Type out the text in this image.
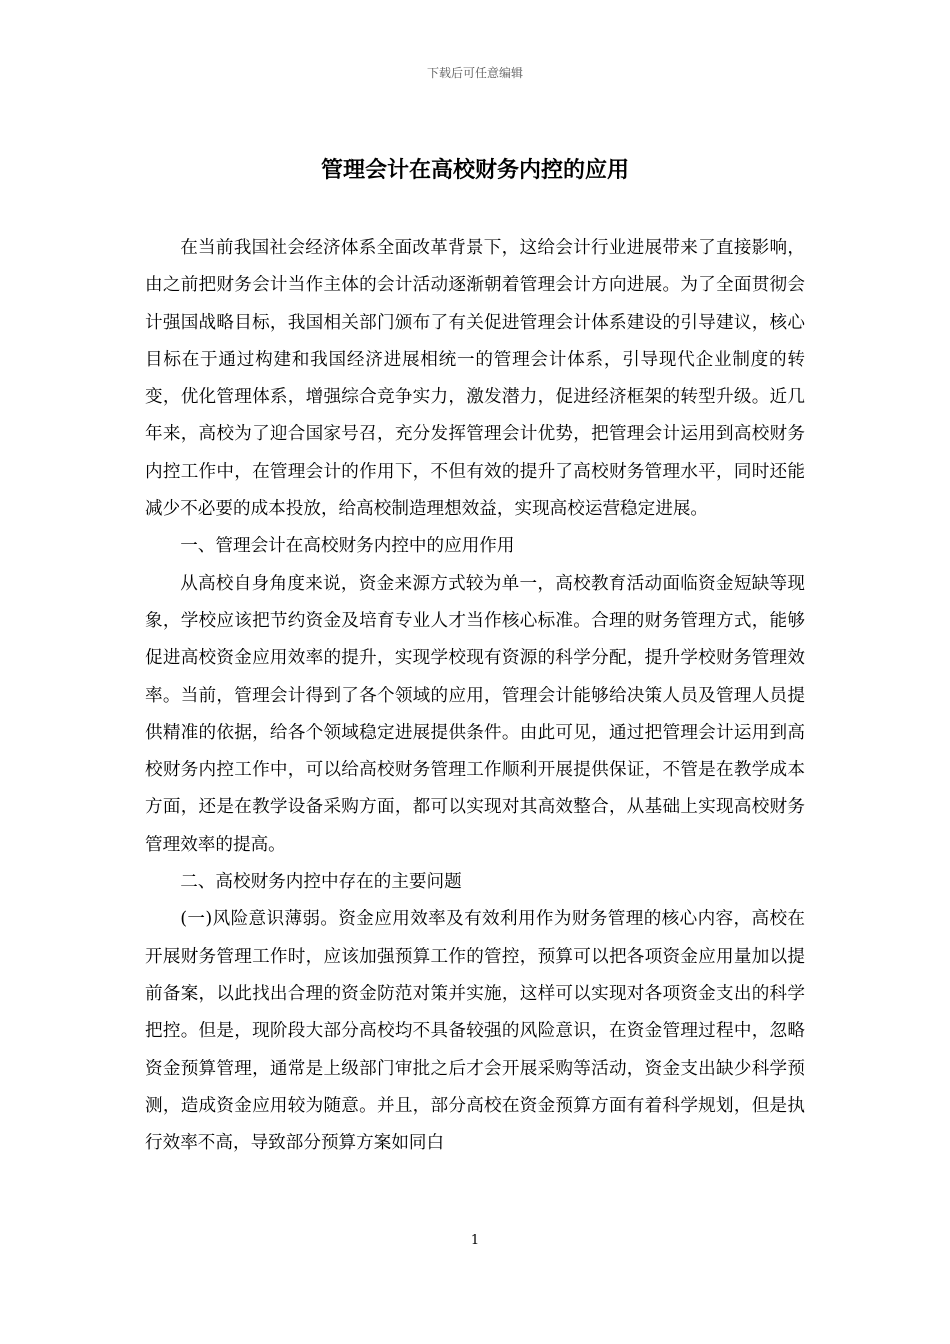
下载后可任意编辑
管理会计在高校财务内控的应用

在当前我国社会经济体系全面改革背景下，这给会计行业进展带来了直接影响，由之前把财务会计当作主体的会计活动逐渐朝着管理会计方向进展。为了全面贯彻会计强国战略目标，我国相关部门颁布了有关促进管理会计体系建设的引导建议，核心目标在于通过构建和我国经济进展相统一的管理会计体系，引导现代企业制度的转变，优化管理体系，增强综合竞争实力，激发潜力，促进经济框架的转型升级。近几年来，高校为了迎合国家号召，充分发挥管理会计优势，把管理会计运用到高校财务内控工作中，在管理会计的作用下，不但有效的提升了高校财务管理水平，同时还能减少不必要的成本投放，给高校制造理想效益，实现高校运营稳定进展。

一、管理会计在高校财务内控中的应用作用

从高校自身角度来说，资金来源方式较为单一，高校教育活动面临资金短缺等现象，学校应该把节约资金及培育专业人才当作核心标准。合理的财务管理方式，能够促进高校资金应用效率的提升，实现学校现有资源的科学分配，提升学校财务管理效率。当前，管理会计得到了各个领域的应用，管理会计能够给决策人员及管理人员提供精准的依据，给各个领域稳定进展提供条件。由此可见，通过把管理会计运用到高校财务内控工作中，可以给高校财务管理工作顺利开展提供保证，不管是在教学成本方面，还是在教学设备采购方面，都可以实现对其高效整合，从基础上实现高校财务管理效率的提高。

二、高校财务内控中存在的主要问题

(一)风险意识薄弱。资金应用效率及有效利用作为财务管理的核心内容，高校在开展财务管理工作时，应该加强预算工作的管控，预算可以把各项资金应用量加以提前备案，以此找出合理的资金防范对策并实施，这样可以实现对各项资金支出的科学把控。但是，现阶段大部分高校均不具备较强的风险意识，在资金管理过程中，忽略资金预算管理，通常是上级部门审批之后才会开展采购等活动，资金支出缺少科学预测，造成资金应用较为随意。并且，部分高校在资金预算方面有着科学规划，但是执行效率不高，导致部分预算方案如同白

1
